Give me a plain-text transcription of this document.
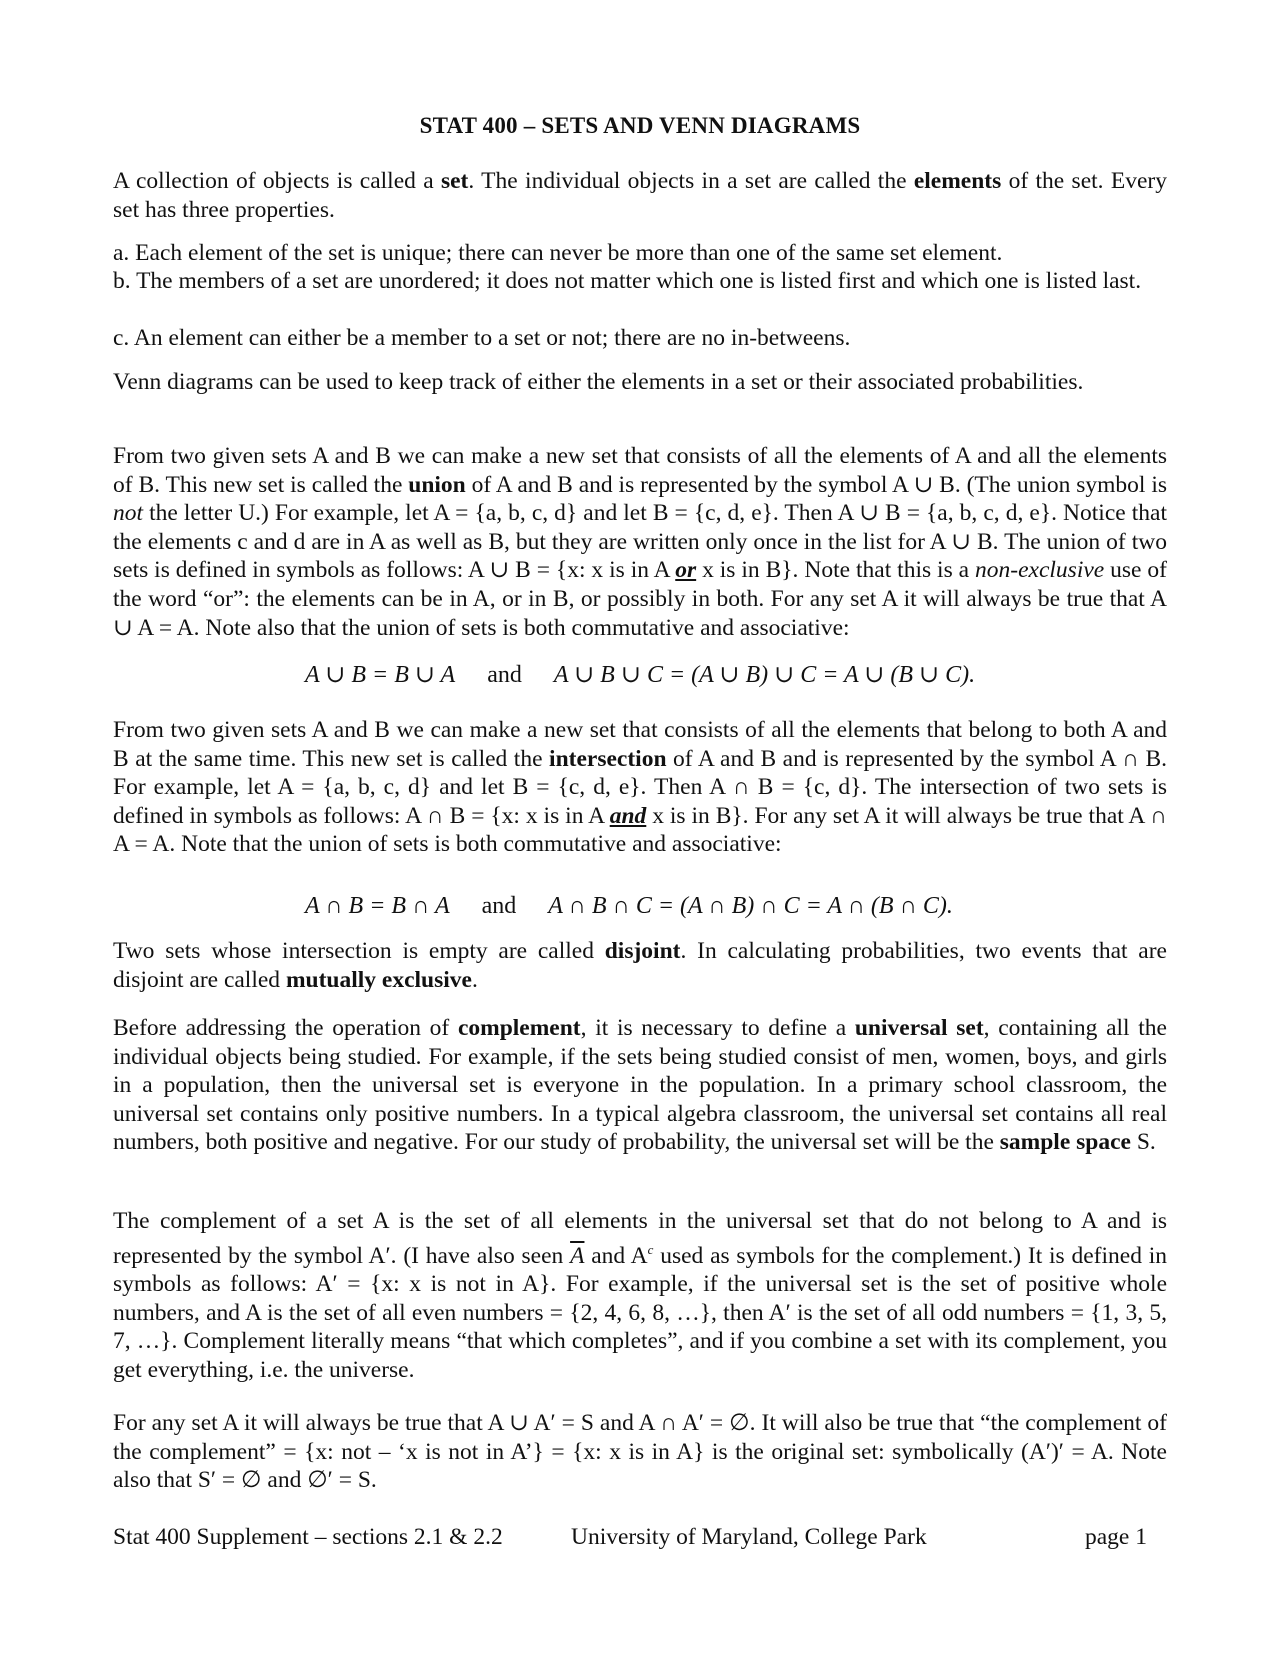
STAT 400 – SETS AND VENN DIAGRAMS

A collection of objects is called a set. The individual objects in a set are called the elements of the set. Every set has three properties.

a. Each element of the set is unique; there can never be more than one of the same set element.

b. The members of a set are unordered; it does not matter which one is listed first and which one is listed last.

c. An element can either be a member to a set or not; there are no in-betweens.

Venn diagrams can be used to keep track of either the elements in a set or their associated probabilities.

From two given sets A and B we can make a new set that consists of all the elements of A and all the elements of B. This new set is called the union of A and B and is represented by the symbol A ∪ B. (The union symbol is not the letter U.) For example, let A = {a, b, c, d} and let B = {c, d, e}. Then A ∪ B = {a, b, c, d, e}. Notice that the elements c and d are in A as well as B, but they are written only once in the list for A ∪ B. The union of two sets is defined in symbols as follows: A ∪ B = {x: x is in A or x is in B}. Note that this is a non-exclusive use of the word “or”: the elements can be in A, or in B, or possibly in both. For any set A it will always be true that A ∪ A = A. Note also that the union of sets is both commutative and associative:

A ∪ B = B ∪ A and A ∪ B ∪ C = (A ∪ B) ∪ C = A ∪ (B ∪ C).

From two given sets A and B we can make a new set that consists of all the elements that belong to both A and B at the same time. This new set is called the intersection of A and B and is represented by the symbol A ∩ B. For example, let A = {a, b, c, d} and let B = {c, d, e}. Then A ∩ B = {c, d}. The intersection of two sets is defined in symbols as follows: A ∩ B = {x: x is in A and x is in B}. For any set A it will always be true that A ∩ A = A. Note that the union of sets is both commutative and associative:

A ∩ B = B ∩ A and A ∩ B ∩ C = (A ∩ B) ∩ C = A ∩ (B ∩ C).

Two sets whose intersection is empty are called disjoint. In calculating probabilities, two events that are disjoint are called mutually exclusive.

Before addressing the operation of complement, it is necessary to define a universal set, containing all the individual objects being studied. For example, if the sets being studied consist of men, women, boys, and girls in a population, then the universal set is everyone in the population. In a primary school classroom, the universal set contains only positive numbers. In a typical algebra classroom, the universal set contains all real numbers, both positive and negative. For our study of probability, the universal set will be the sample space S.

The complement of a set A is the set of all elements in the universal set that do not belong to A and is represented by the symbol A′. (I have also seen $\overline{A}$ and $A^c$ used as symbols for the complement.) It is defined in symbols as follows: A′ = {x: x is not in A}. For example, if the universal set is the set of positive whole numbers, and A is the set of all even numbers = {2, 4, 6, 8, …}, then A′ is the set of all odd numbers = {1, 3, 5, 7, …}. Complement literally means “that which completes”, and if you combine a set with its complement, you get everything, i.e. the universe.

For any set A it will always be true that A ∪ A′ = S and A ∩ A′ = ∅. It will also be true that “the complement of the complement” = {x: not – ‘x is not in A’} = {x: x is in A} is the original set: symbolically (A′)′ = A. Note also that S′ = ∅ and ∅′ = S.

Stat 400 Supplement – sections 2.1 & 2.2	University of Maryland, College Park	page 1
